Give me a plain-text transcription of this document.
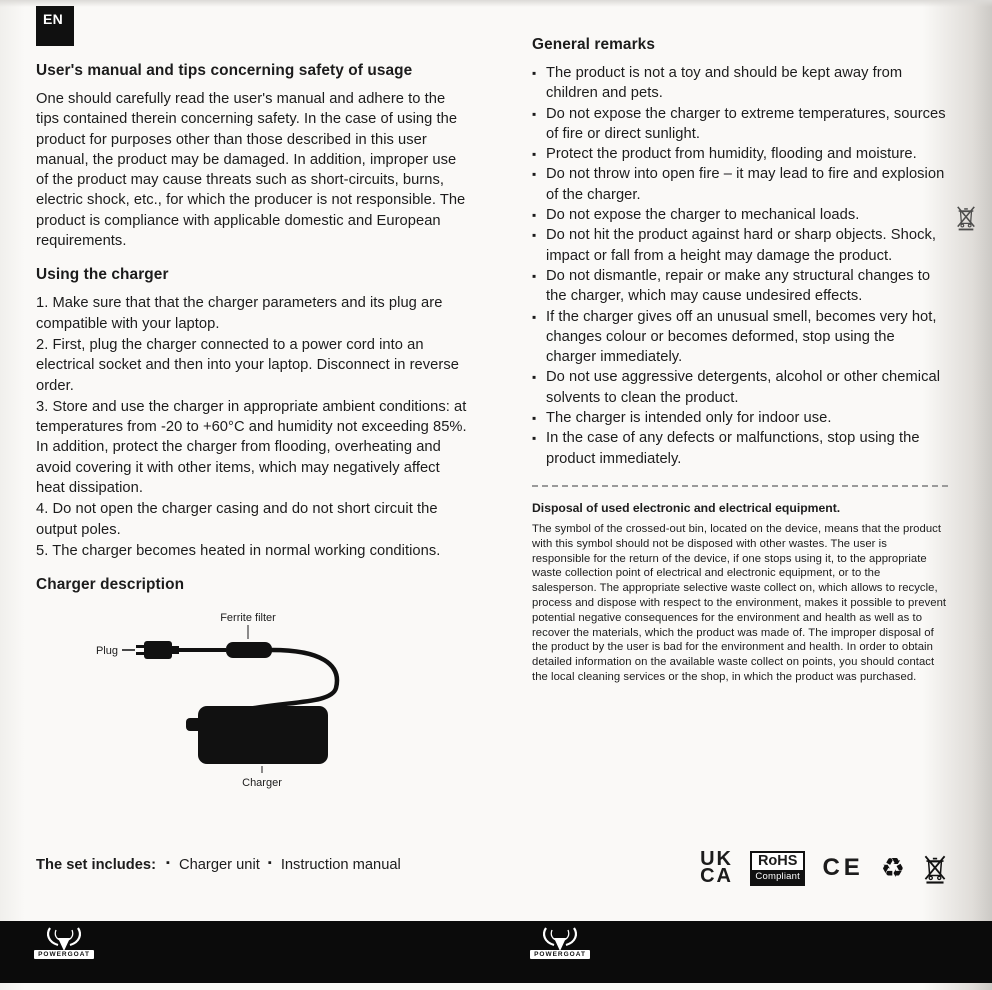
EN
User's manual and tips concerning safety of usage

One should carefully read the user's manual and adhere to the tips contained therein concerning safety. In the case of using the product for purposes other than those described in this user manual, the product may be damaged. In addition, improper use of the product may cause threats such as short-circuits, burns, electric shock, etc., for which the producer is not responsible. The product is compliance with applicable domestic and European requirements.

Using the charger

1. Make sure that that the charger parameters and its plug are compatible with your laptop.

2. First, plug the charger connected to a power cord into an electrical socket and then into your laptop. Disconnect in reverse order.

3. Store and use the charger in appropriate ambient conditions: at temperatures from -20 to +60°C and humidity not exceeding 85%. In addition, protect the charger from flooding, overheating and avoid covering it with other items, which may negatively affect heat dissipation.

4. Do not open the charger casing and do not short circuit the output poles.

5. The charger becomes heated in normal working conditions.

Charger description
Ferrite filter
Plug
Charger
General remarks
▪ The product is not a toy and should be kept away from children and pets.
▪ Do not expose the charger to extreme temperatures, sources of fire or direct sunlight.
▪ Protect the product from humidity, flooding and moisture.
▪ Do not throw into open fire – it may lead to fire and explosion of the charger.
▪ Do not expose the charger to mechanical loads.
▪ Do not hit the product against hard or sharp objects. Shock, impact or fall from a height may damage the product.
▪ Do not dismantle, repair or make any structural changes to the charger, which may cause undesired effects.
▪ If the charger gives off an unusual smell, becomes very hot, changes colour or becomes deformed, stop using the charger immediately.
▪ Do not use aggressive detergents, alcohol or other chemical solvents to clean the product.
▪ The charger is intended only for indoor use.
▪ In the case of any defects or malfunctions, stop using the product immediately.
Disposal of used electronic and electrical equipment.

The symbol of the crossed-out bin, located on the device, means that the product with this symbol should not be disposed with other wastes. The user is responsible for the return of the device, if one stops using it, to the appropriate waste collection point of electrical and electronic equipment, or to the salesperson. The appropriate selective waste collect on, which allows to recycle, process and dispose with respect to the environment, makes it possible to prevent potential negative consequences for the environment and health as well as to recover the materials, which the product was made of. The improper disposal of the product by the user is bad for the environment and health. In order to obtain detailed information on the available waste collect on points, you should contact the local cleaning services or the shop, in which the product was purchased.

The set includes: ▪ Charger unit ▪ Instruction manual	UK
CA
RoHS
Compliant CE ♻
POWERGOAT	POWERGOAT
